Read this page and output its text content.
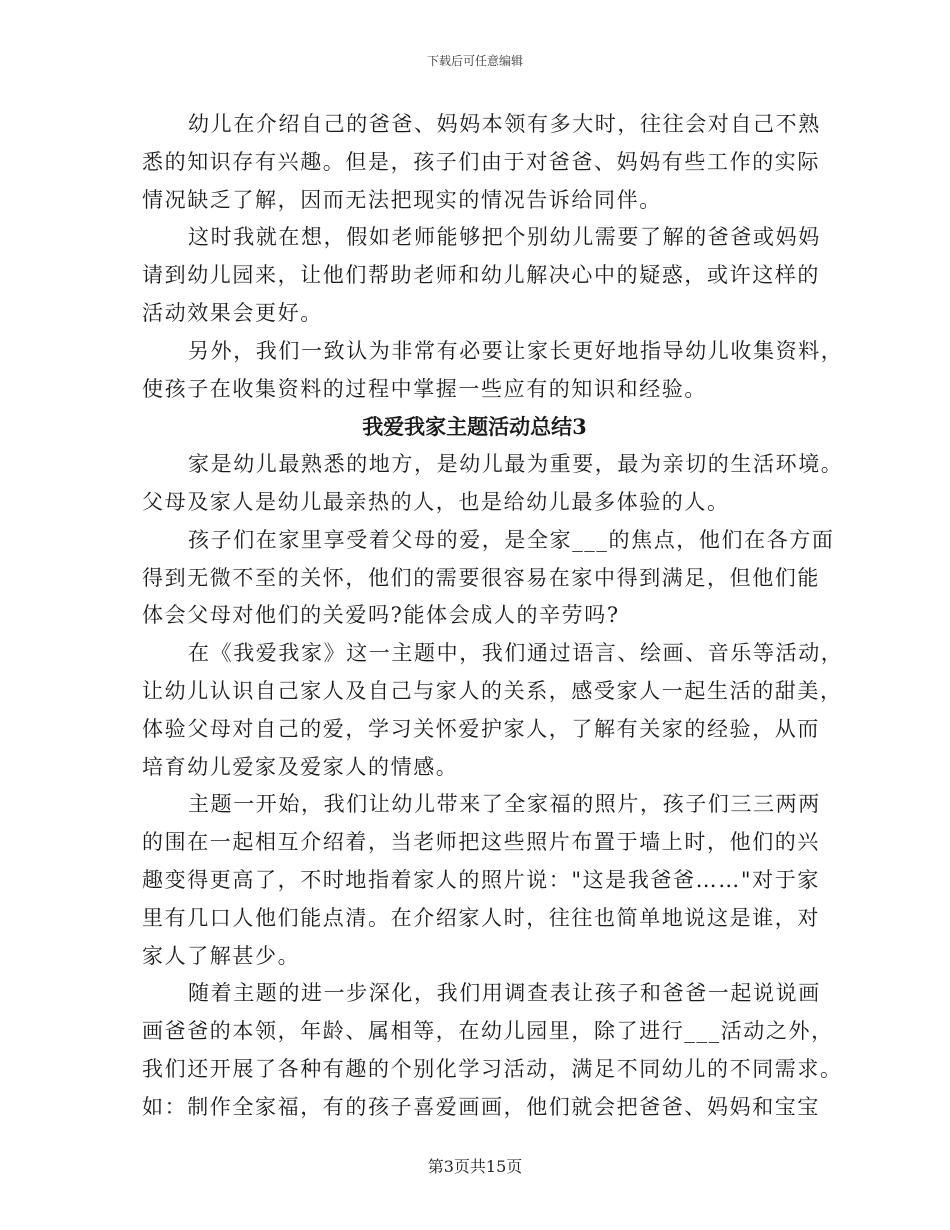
下载后可任意编辑
幼儿在介绍自己的爸爸、妈妈本领有多大时，往往会对自己不熟
悉的知识存有兴趣。但是，孩子们由于对爸爸、妈妈有些工作的实际
情况缺乏了解，因而无法把现实的情况告诉给同伴。
这时我就在想，假如老师能够把个别幼儿需要了解的爸爸或妈妈
请到幼儿园来，让他们帮助老师和幼儿解决心中的疑惑，或许这样的
活动效果会更好。
另外，我们一致认为非常有必要让家长更好地指导幼儿收集资料，
使孩子在收集资料的过程中掌握一些应有的知识和经验。
我爱我家主题活动总结3
家是幼儿最熟悉的地方，是幼儿最为重要，最为亲切的生活环境。
父母及家人是幼儿最亲热的人，也是给幼儿最多体验的人。
孩子们在家里享受着父母的爱，是全家___的焦点，他们在各方面
得到无微不至的关怀，他们的需要很容易在家中得到满足，但他们能
体会父母对他们的关爱吗?能体会成人的辛劳吗?
在《我爱我家》这一主题中，我们通过语言、绘画、音乐等活动，
让幼儿认识自己家人及自己与家人的关系，感受家人一起生活的甜美，
体验父母对自己的爱，学习关怀爱护家人，了解有关家的经验，从而
培育幼儿爱家及爱家人的情感。
主题一开始，我们让幼儿带来了全家福的照片，孩子们三三两两
的围在一起相互介绍着，当老师把这些照片布置于墙上时，他们的兴
趣变得更高了，不时地指着家人的照片说："这是我爸爸……"对于家
里有几口人他们能点清。在介绍家人时，往往也简单地说这是谁，对
家人了解甚少。
随着主题的进一步深化，我们用调查表让孩子和爸爸一起说说画
画爸爸的本领，年龄、属相等，在幼儿园里，除了进行___活动之外，
我们还开展了各种有趣的个别化学习活动，满足不同幼儿的不同需求。
如：制作全家福，有的孩子喜爱画画，他们就会把爸爸、妈妈和宝宝
第3页共15页
